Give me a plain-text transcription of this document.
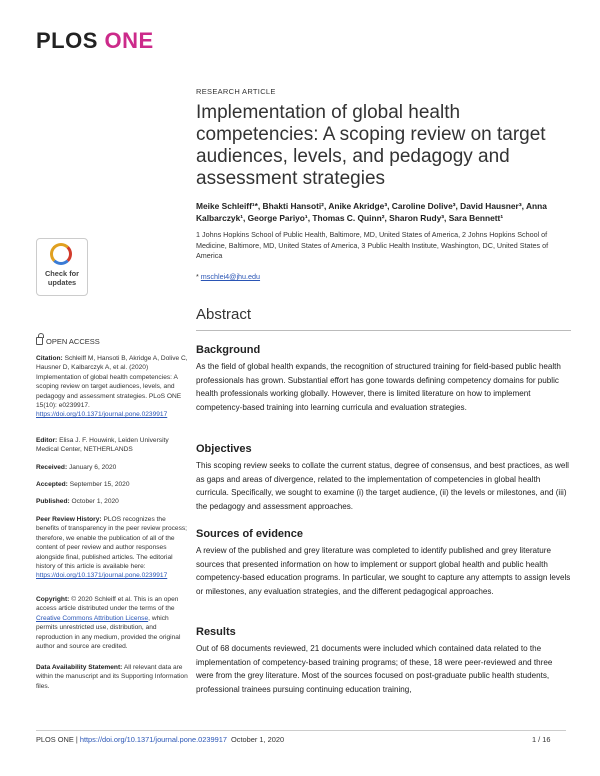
PLOS ONE
RESEARCH ARTICLE
Implementation of global health competencies: A scoping review on target audiences, levels, and pedagogy and assessment strategies
Meike Schleiff¹*, Bhakti Hansoti², Anike Akridge³, Caroline Dolive³, David Hausner³, Anna Kalbarczyk¹, George Pariyo¹, Thomas C. Quinn², Sharon Rudy³, Sara Bennett¹
1 Johns Hopkins School of Public Health, Baltimore, MD, United States of America, 2 Johns Hopkins School of Medicine, Baltimore, MD, United States of America, 3 Public Health Institute, Washington, DC, United States of America
* mschlei4@jhu.edu
Check for
updates
Abstract
Background

As the field of global health expands, the recognition of structured training for field-based public health professionals has grown. Substantial effort has gone towards defining competency domains for public health professionals working globally. However, there is limited literature on how to implement competency-based training into learning curricula and evaluation strategies.

Objectives

This scoping review seeks to collate the current status, degree of consensus, and best practices, as well as gaps and areas of divergence, related to the implementation of competencies in global health curricula. Specifically, we sought to examine (i) the target audience, (ii) the levels or milestones, and (iii) the pedagogy and assessment approaches.

Sources of evidence

A review of the published and grey literature was completed to identify published and grey literature sources that presented information on how to implement or support global health and public health competency-based education programs. In particular, we sought to capture any attempts to assign levels or milestones, any evaluation strategies, and the different pedagogical approaches.

Results

Out of 68 documents reviewed, 21 documents were included which contained data related to the implementation of competency-based training programs; of these, 18 were peer-reviewed and three were from the grey literature. Most of the sources focused on post-graduate public health students, professional trainees pursuing continuing education training,

OPEN ACCESS

Citation: Schleiff M, Hansoti B, Akridge A, Dolive C, Hausner D, Kalbarczyk A, et al. (2020) Implementation of global health competencies: A scoping review on target audiences, levels, and pedagogy and assessment strategies. PLoS ONE 15(10): e0239917. https://doi.org/10.1371/journal.pone.0239917

Editor: Elisa J. F. Houwink, Leiden University Medical Center, NETHERLANDS

Received: January 6, 2020

Accepted: September 15, 2020

Published: October 1, 2020

Peer Review History: PLOS recognizes the benefits of transparency in the peer review process; therefore, we enable the publication of all of the content of peer review and author responses alongside final, published articles. The editorial history of this article is available here: https://doi.org/10.1371/journal.pone.0239917

Copyright: © 2020 Schleiff et al. This is an open access article distributed under the terms of the Creative Commons Attribution License, which permits unrestricted use, distribution, and reproduction in any medium, provided the original author and source are credited.

Data Availability Statement: All relevant data are within the manuscript and its Supporting Information files.

PLOS ONE | https://doi.org/10.1371/journal.pone.0239917 October 1, 2020	1 / 16
